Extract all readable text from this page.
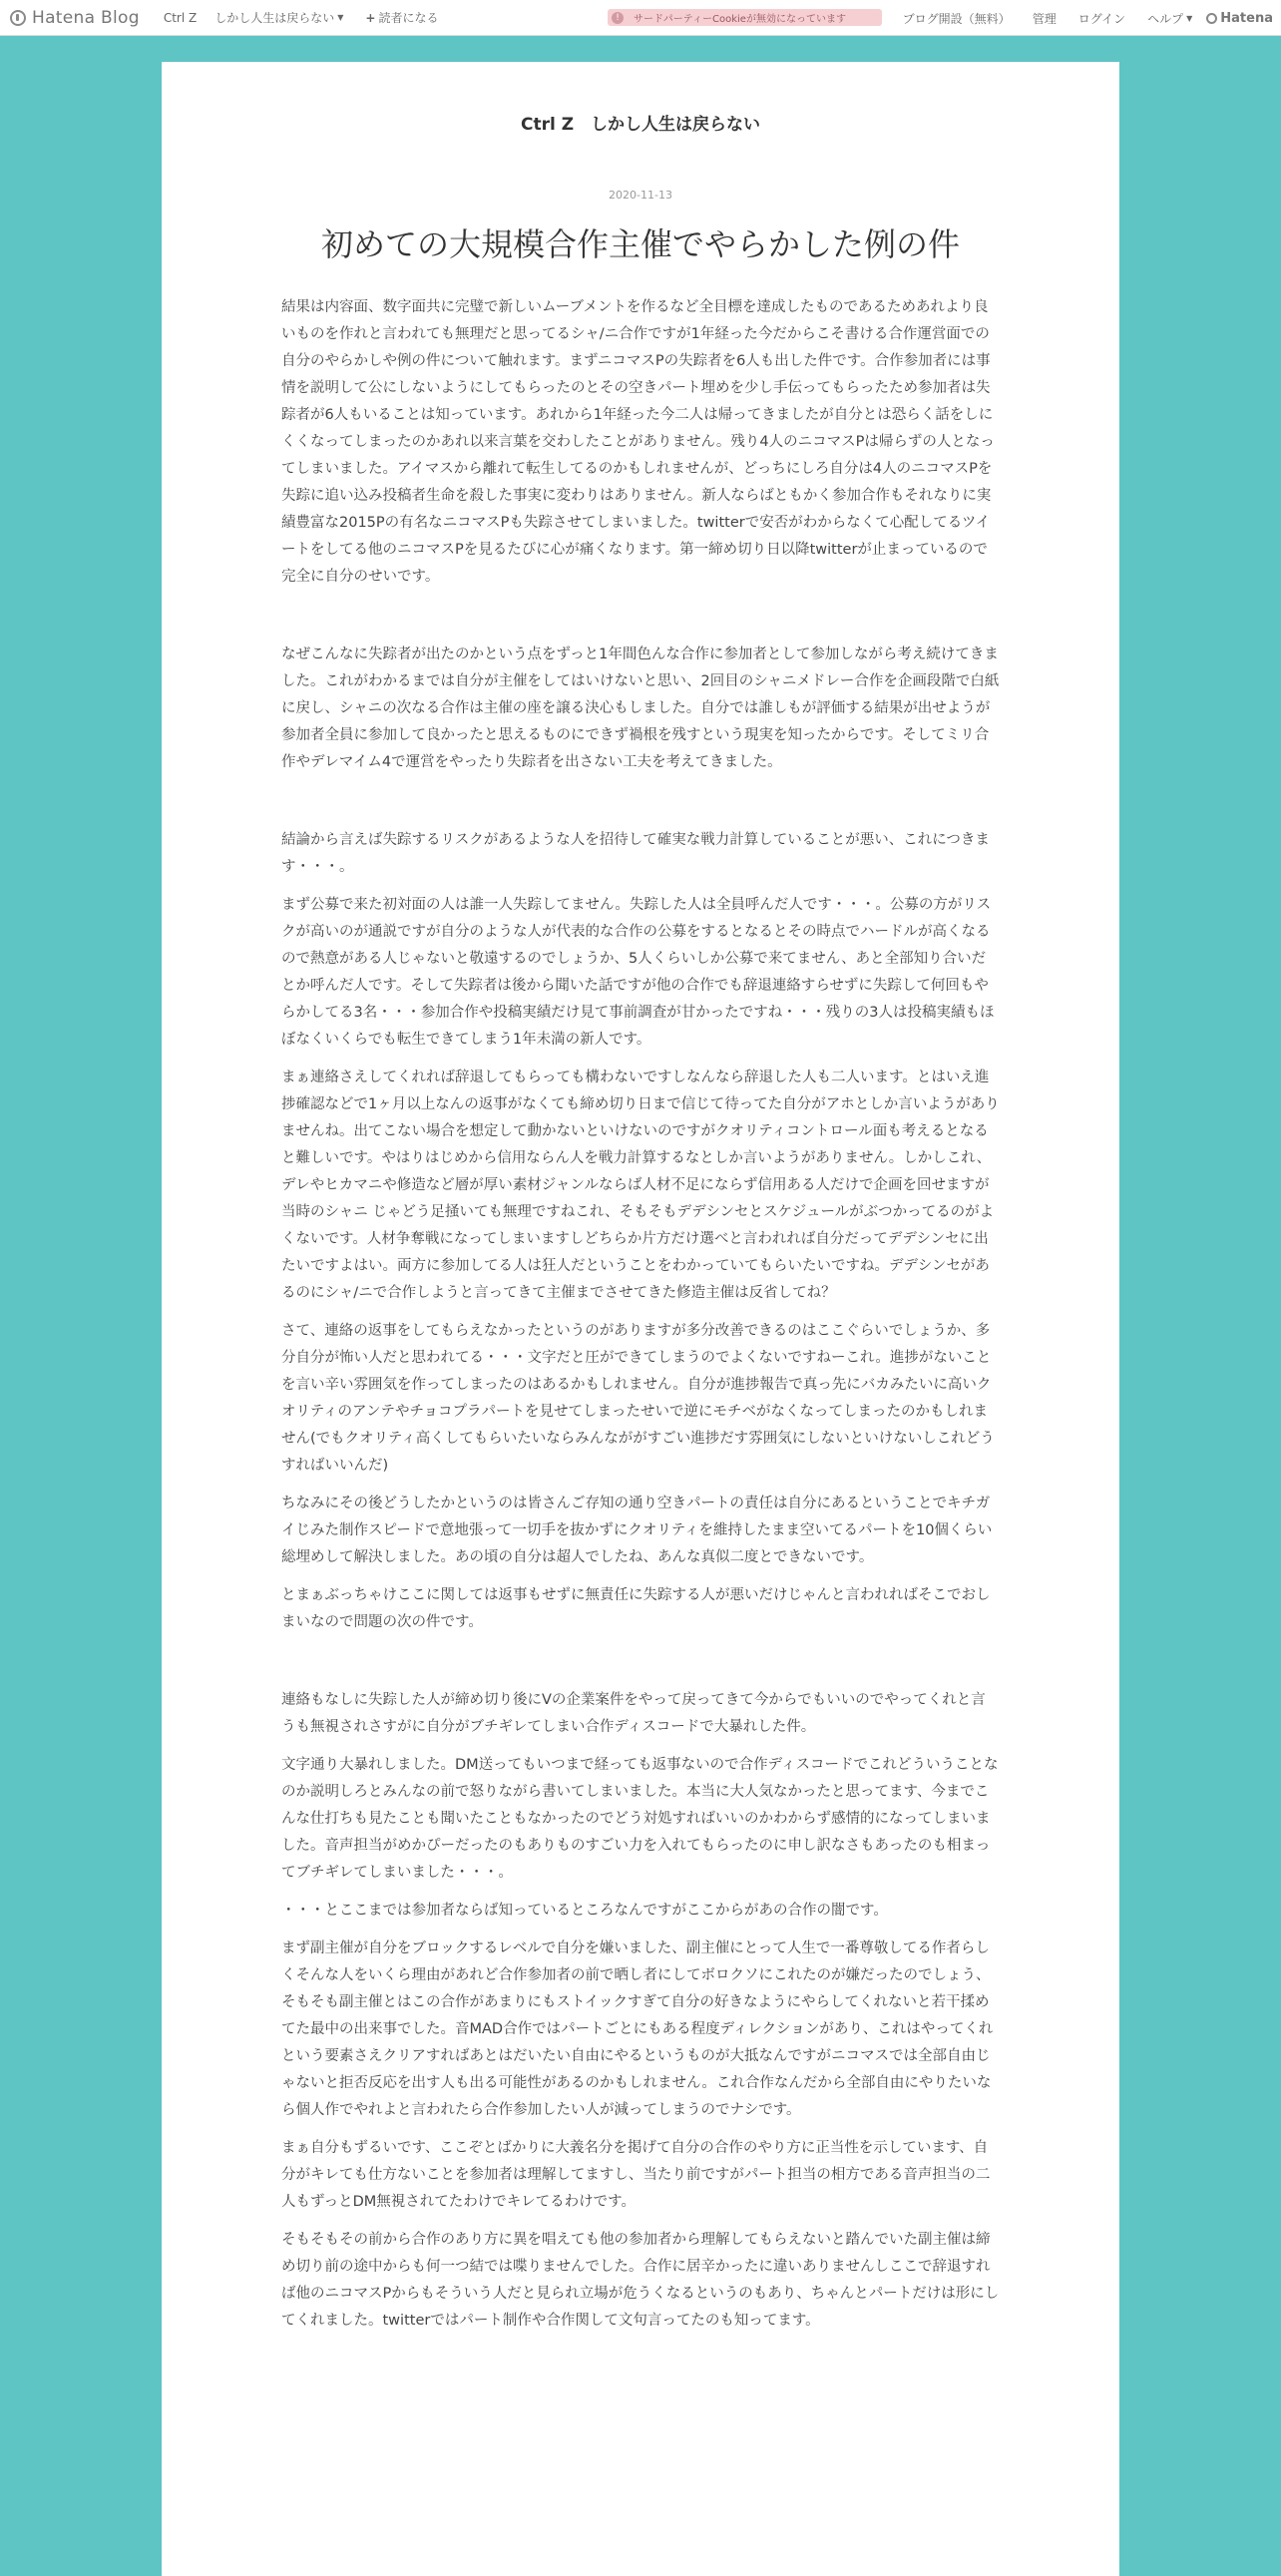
Hatena Blog Ctrl Z しかし人生は戻らない ▼ + 読者になる	!	サードパーティーCookieが無効になっています	ブログ開設（無料） 管理 ログイン ヘルプ ▼ Hatena
Ctrl Z　しかし人生は戻らない
2020-11-13
初めての大規模合作主催でやらかした例の件

結果は内容面、数字面共に完璧で新しいムーブメントを作るなど全目標を達成したものであるためあれより良いものを作れと言われても無理だと思ってるシャ/ニ合作ですが1年経った今だからこそ書ける合作運営面での自分のやらかしや例の件について触れます。まずニコマスPの失踪者を6人も出した件です。合作参加者には事情を説明して公にしないようにしてもらったのとその空きパート埋めを少し手伝ってもらったため参加者は失踪者が6人もいることは知っています。あれから1年経った今二人は帰ってきましたが自分とは恐らく話をしにくくなってしまったのかあれ以来言葉を交わしたことがありません。残り4人のニコマスPは帰らずの人となってしまいました。アイマスから離れて転生してるのかもしれませんが、どっちにしろ自分は4人のニコマスPを失踪に追い込み投稿者生命を殺した事実に変わりはありません。新人ならばともかく参加合作もそれなりに実績豊富な2015Pの有名なニコマスPも失踪させてしまいました。twitterで安否がわからなくて心配してるツイートをしてる他のニコマスPを見るたびに心が痛くなります。第一締め切り日以降twitterが止まっているので完全に自分のせいです。

なぜこんなに失踪者が出たのかという点をずっと1年間色んな合作に参加者として参加しながら考え続けてきました。これがわかるまでは自分が主催をしてはいけないと思い、2回目のシャニメドレー合作を企画段階で白紙に戻し、シャニの次なる合作は主催の座を譲る決心もしました。自分では誰しもが評価する結果が出せようが参加者全員に参加して良かったと思えるものにできず禍根を残すという現実を知ったからです。そしてミリ合作やデレマイム4で運営をやったり失踪者を出さない工夫を考えてきました。

結論から言えば失踪するリスクがあるような人を招待して確実な戦力計算していることが悪い、これにつきます・・・。

まず公募で来た初対面の人は誰一人失踪してません。失踪した人は全員呼んだ人です・・・。公募の方がリスクが高いのが通説ですが自分のような人が代表的な合作の公募をするとなるとその時点でハードルが高くなるので熱意がある人じゃないと敬遠するのでしょうか、5人くらいしか公募で来てません、あと全部知り合いだとか呼んだ人です。そして失踪者は後から聞いた話ですが他の合作でも辞退連絡すらせずに失踪して何回もやらかしてる3名・・・参加合作や投稿実績だけ見て事前調査が甘かったですね・・・残りの3人は投稿実績もほぼなくいくらでも転生できてしまう1年未満の新人です。

まぁ連絡さえしてくれれば辞退してもらっても構わないですしなんなら辞退した人も二人います。とはいえ進捗確認などで1ヶ月以上なんの返事がなくても締め切り日まで信じて待ってた自分がアホとしか言いようがありませんね。出てこない場合を想定して動かないといけないのですがクオリティコントロール面も考えるとなると難しいです。やはりはじめから信用ならん人を戦力計算するなとしか言いようがありません。しかしこれ、デレやヒカマニや修造など層が厚い素材ジャンルならば人材不足にならず信用ある人だけで企画を回せますが当時のシャニ じゃどう足掻いても無理ですねこれ、そもそもデデシンセとスケジュールがぶつかってるのがよくないです。人材争奪戦になってしまいますしどちらか片方だけ選べと言われれば自分だってデデシンセに出たいですよはい。両方に参加してる人は狂人だということをわかっていてもらいたいですね。デデシンセがあるのにシャ/ニで合作しようと言ってきて主催までさせてきた修造主催は反省してね？

さて、連絡の返事をしてもらえなかったというのがありますが多分改善できるのはここぐらいでしょうか、多分自分が怖い人だと思われてる・・・文字だと圧ができてしまうのでよくないですねーこれ。進捗がないことを言い辛い雰囲気を作ってしまったのはあるかもしれません。自分が進捗報告で真っ先にバカみたいに高いクオリティのアンテやチョコプラパートを見せてしまったせいで逆にモチベがなくなってしまったのかもしれません(でもクオリティ高くしてもらいたいならみんなががすごい進捗だす雰囲気にしないといけないしこれどうすればいいんだ)

ちなみにその後どうしたかというのは皆さんご存知の通り空きパートの責任は自分にあるということでキチガイじみた制作スピードで意地張って一切手を抜かずにクオリティを維持したまま空いてるパートを10個くらい総埋めして解決しました。あの頃の自分は超人でしたね、あんな真似二度とできないです。

とまぁぶっちゃけここに関しては返事もせずに無責任に失踪する人が悪いだけじゃんと言われればそこでおしまいなので問題の次の件です。

連絡もなしに失踪した人が締め切り後にVの企業案件をやって戻ってきて今からでもいいのでやってくれと言うも無視されさすがに自分がブチギレてしまい合作ディスコードで大暴れした件。

文字通り大暴れしました。DM送ってもいつまで経っても返事ないので合作ディスコードでこれどういうことなのか説明しろとみんなの前で怒りながら書いてしまいました。本当に大人気なかったと思ってます、今までこんな仕打ちも見たことも聞いたこともなかったのでどう対処すればいいのかわからず感情的になってしまいました。音声担当がめかぴーだったのもありものすごい力を入れてもらったのに申し訳なさもあったのも相まってブチギレてしまいました・・・。

・・・とここまでは参加者ならば知っているところなんですがここからがあの合作の闇です。

まず副主催が自分をブロックするレベルで自分を嫌いました、副主催にとって人生で一番尊敬してる作者らしくそんな人をいくら理由があれど合作参加者の前で晒し者にしてボロクソにこれたのが嫌だったのでしょう、そもそも副主催とはこの合作があまりにもストイックすぎて自分の好きなようにやらしてくれないと若干揉めてた最中の出来事でした。音MAD合作ではパートごとにもある程度ディレクションがあり、これはやってくれという要素さえクリアすればあとはだいたい自由にやるというものが大抵なんですがニコマスでは全部自由じゃないと拒否反応を出す人も出る可能性があるのかもしれません。これ合作なんだから全部自由にやりたいなら個人作でやれよと言われたら合作参加したい人が減ってしまうのでナシです。

まぁ自分もずるいです、ここぞとばかりに大義名分を掲げて自分の合作のやり方に正当性を示しています、自分がキレても仕方ないことを参加者は理解してますし、当たり前ですがパート担当の相方である音声担当の二人もずっとDM無視されてたわけでキレてるわけです。

そもそもその前から合作のあり方に異を唱えても他の参加者から理解してもらえないと踏んでいた副主催は締め切り前の途中からも何一つ結では喋りませんでした。合作に居辛かったに違いありませんしここで辞退すれば他のニコマスPからもそういう人だと見られ立場が危うくなるというのもあり、ちゃんとパートだけは形にしてくれました。twitterではパート制作や合作関して文句言ってたのも知ってます。
